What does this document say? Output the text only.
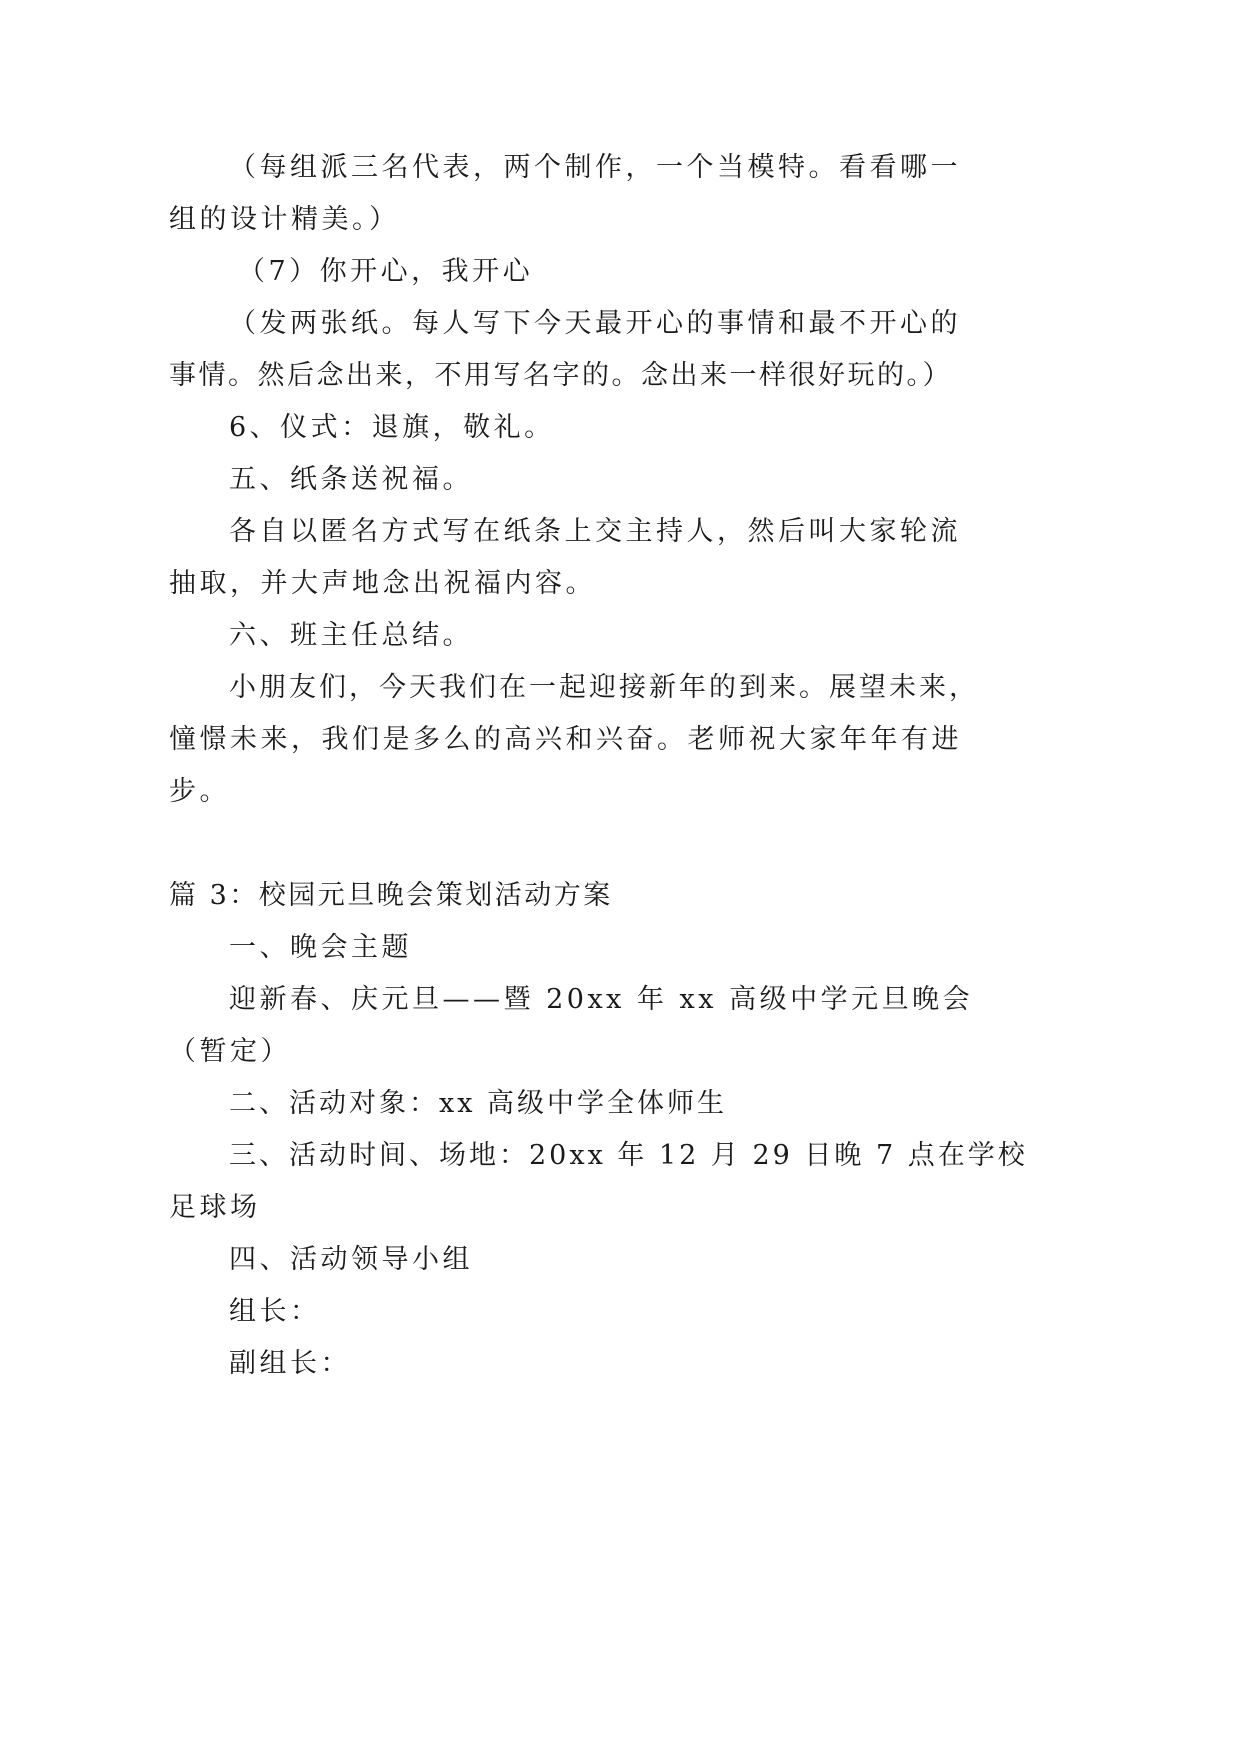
（每组派三名代表，两个制作，一个当模特。看看哪一
组的设计精美。）
（7）你开心，我开心
（发两张纸。每人写下今天最开心的事情和最不开心的
事情。然后念出来，不用写名字的。念出来一样很好玩的。）
6、仪式：退旗，敬礼。
五、纸条送祝福。
各自以匿名方式写在纸条上交主持人，然后叫大家轮流
抽取，并大声地念出祝福内容。
六、班主任总结。
小朋友们，今天我们在一起迎接新年的到来。展望未来，
憧憬未来，我们是多么的高兴和兴奋。老师祝大家年年有进
步。
篇 3：校园元旦晚会策划活动方案
一、晚会主题
迎新春、庆元旦——暨 20xx 年 xx 高级中学元旦晚会
（暂定）
二、活动对象：xx 高级中学全体师生
三、活动时间、场地：20xx 年 12 月 29 日晚 7 点在学校
足球场
四、活动领导小组
组长：
副组长：
